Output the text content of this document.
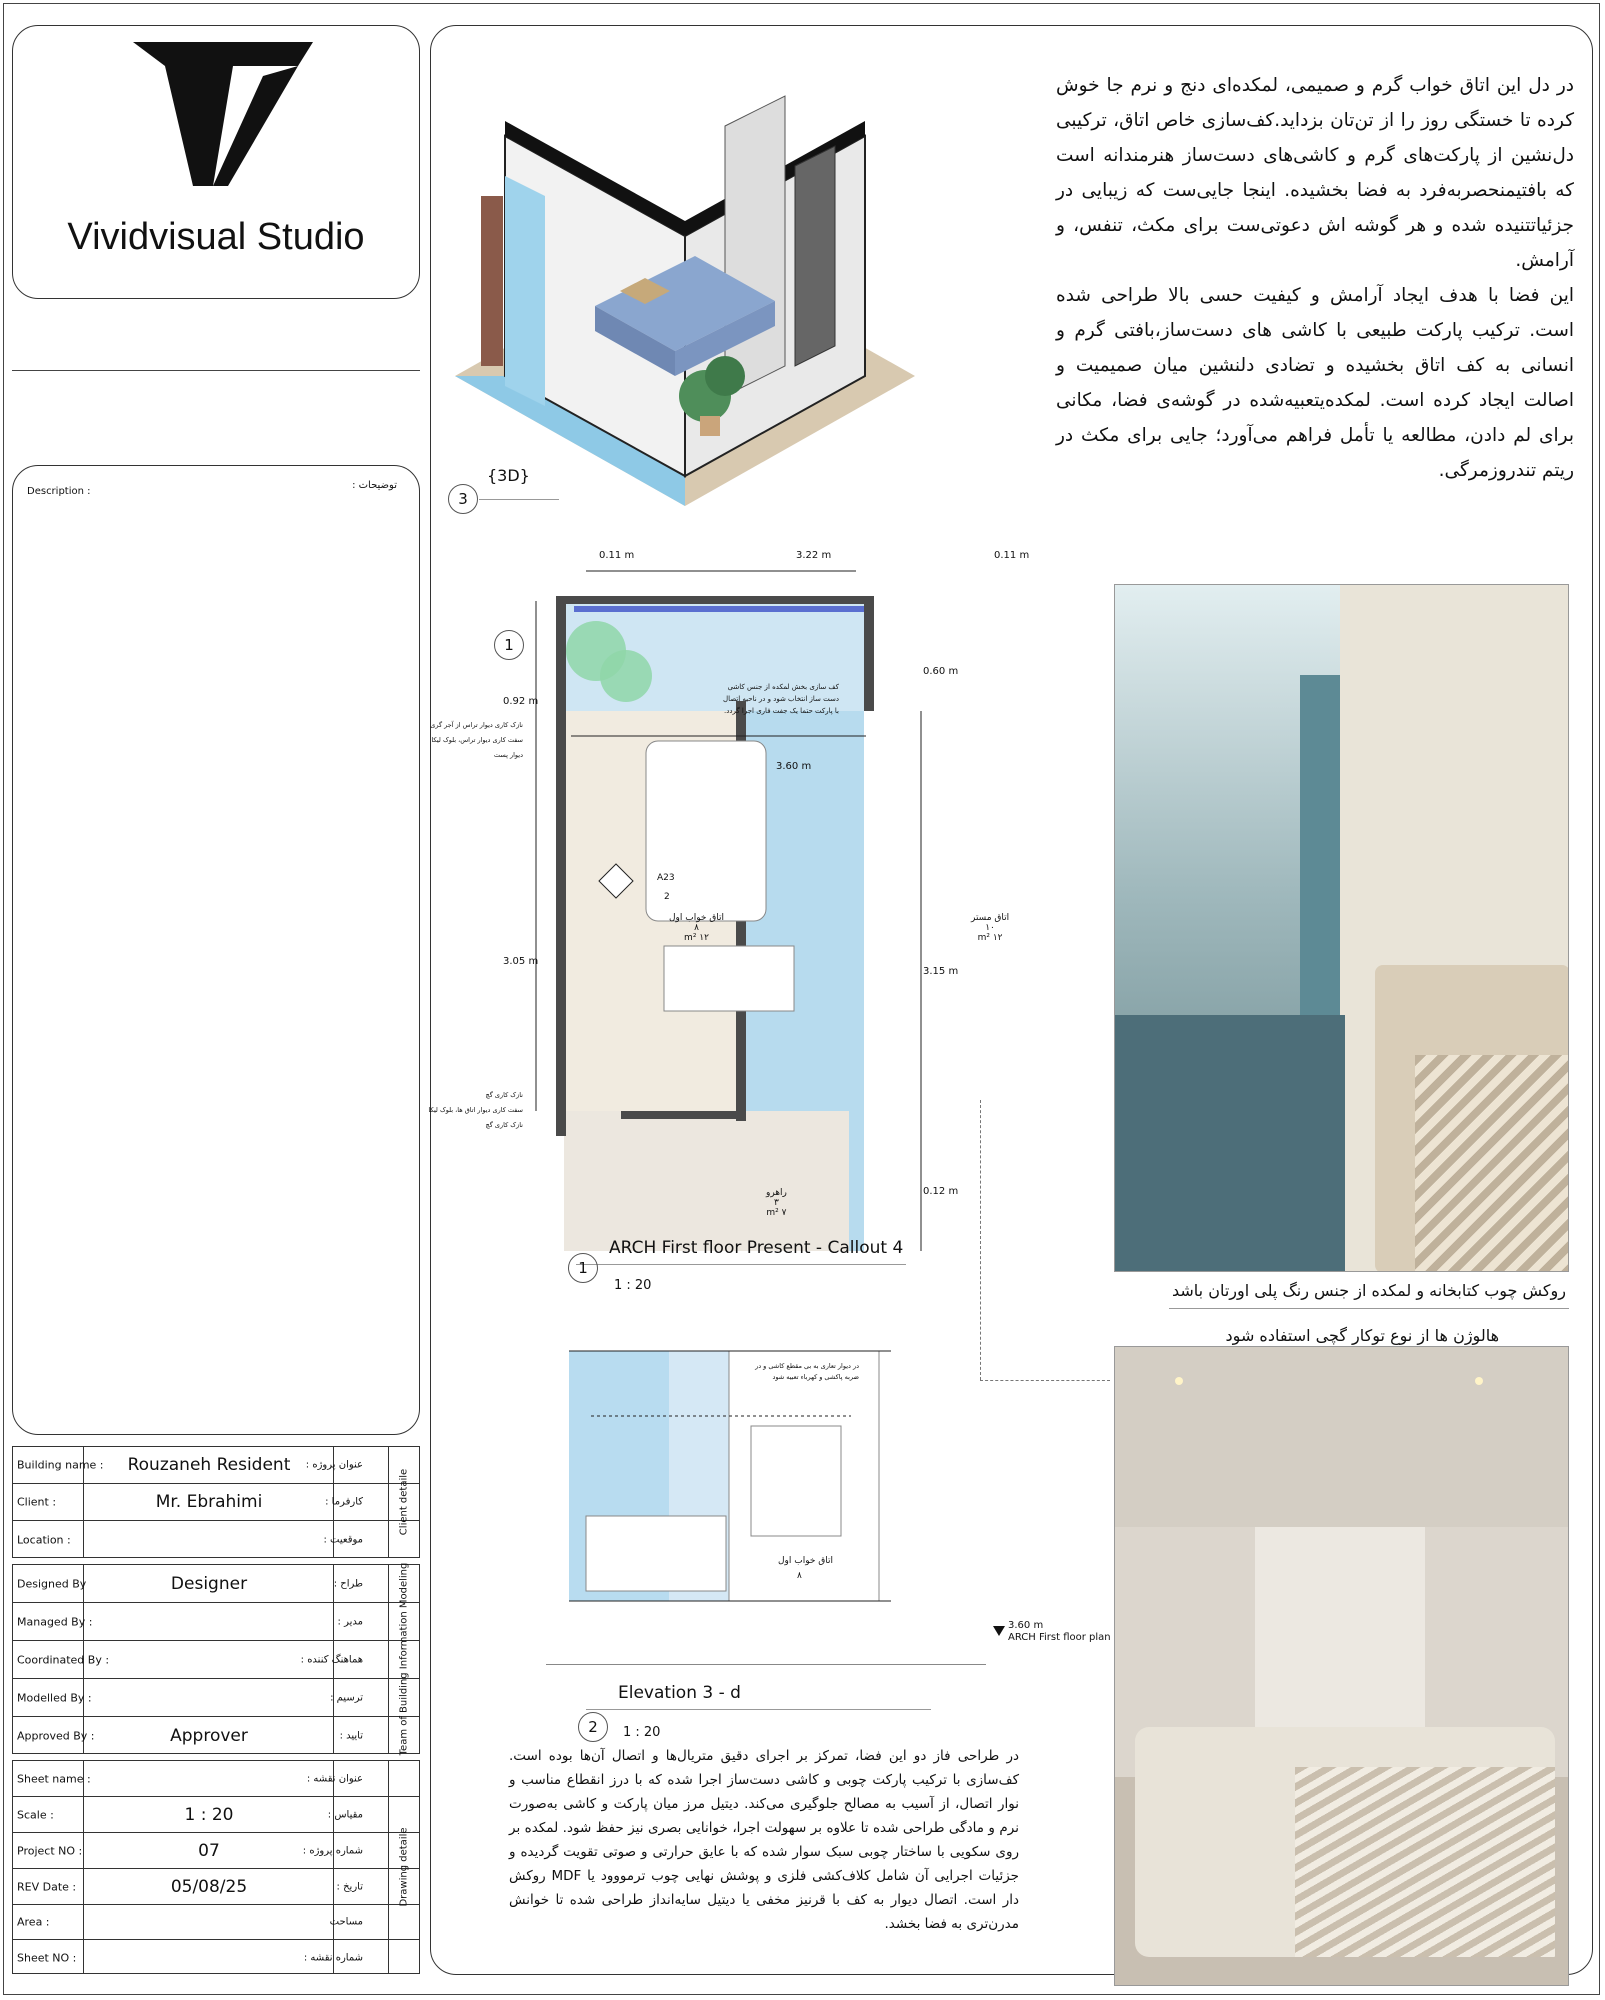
Vividvisual Studio
Description :
توضیحات :
Building name :	Rouzaneh Resident	عنوان پروژه :
Client :	Mr. Ebrahimi	کارفرما :
Location :	موقعیت :
Client detaile
Designed By	Designer	طراح :
Managed By :	مدیر :
Coordinated By :	هماهنگ کننده :
Modelled By :	ترسیم :
Approved By :	Approver	تایید :	Team of Building Information Modeling
Sheet name :	عنوان نقشه :
Scale :	1 : 20	مقیاس :
Project NO :	07	شماره پروژه :
REV Date :	05/08/25	تاریخ :
Area :	مساحت
Sheet NO :	شماره نقشه :
Drawing detaile
{3D}
3

در دل این اتاق خواب گرم و صمیمی، لمکده‌ای دنج و نرم جا خوش کرده تا خستگی روز را از تن‌تان بزداید.کف‌سازی خاص اتاق، ترکیبی دل‌نشین از پارکت‌های گرم و کاشی‌های دست‌ساز هنرمندانه است که بافتیمنحصربه‌فرد به فضا بخشیده. اینجا جایی‌ست که زیبایی در جزئیاتتنیده شده و هر گوشه اش دعوتی‌ست برای مکث، تنفس، و آرامش.

این فضا با هدف ایجاد آرامش و کیفیت حسی بالا طراحی شده است. ترکیب پارکت طبیعی با کاشی های دست‌ساز،بافتی گرم و انسانی به کف اتاق بخشیده و تضادی دلنشین میان صمیمیت و اصالت ایجاد کرده است. لمکده‌یتعبیه‌شده در گوشه‌ی فضا، مکانی برای لم دادن، مطالعه یا تأمل فراهم می‌آورد؛ جایی برای مکث در ریتم تندروزمرگی.

0.11 m	3.22 m	0.11 m
3.60 m
0.92 m
3.05 m
3.15 m
0.60 m
0.12 m
A23
2
اتاق خواب اول
۸
۱۲ m²
اتاق مستر
۱۰
۱۲ m²
راهرو
۳
۷ m²
کف سازی بخش لمکده از جنس کاشی دست ساز انتخاب شود و در ناحیه اتصال با پارکت حتما یک جفت فاری اجرا گردد.
نازک کاری دیوار تراس از آجر گری
سفت کاری دیوار تراس، بلوک لیکا
دیوار پست
نازک کاری گچ
سفت کاری دیوار اتاق ها، بلوک لیکا
نازک کاری گچ
1
ARCH First floor Present - Callout 4
1
1 : 20
اتاق خواب اول
۸
در دیوار تعاری به بی مقطع کاشی و در ضربه پاکشی و کهرباء تعبیه شود
3.60 m
ARCH First floor plan
Elevation 3 - d
2	1 : 20
در طراحی فاز دو این فضا، تمرکز بر اجرای دقیق متریال‌ها و اتصال آن‌ها بوده است. کف‌سازی با ترکیب پارکت چوبی و کاشی دست‌ساز اجرا شده که با درز انقطاع مناسب و نوار اتصال، از آسیب به مصالح جلوگیری می‌کند. دیتیل مرز میان پارکت و کاشی به‌صورت نرم و مادگی طراحی شده تا علاوه بر سهولت اجرا، خوانایی بصری نیز حفظ شود. لمکده بر روی سکویی با ساختار چوبی سبک سوار شده که با عایق حرارتی و صوتی تقویت گردیده و جزئیات اجرایی آن شامل کلاف‌کشی فلزی و پوشش نهایی چوب ترمووود یا MDF روکش دار است. اتصال دیوار به کف با قرنیز مخفی یا دیتیل سایه‌انداز طراحی شده تا خوانش مدرن‌تری به فضا بخشد.
روکش چوب کتابخانه و لمکده از جنس رنگ پلی اورتان باشد
هالوژن ها از نوع توکار گچی استفاده شود
